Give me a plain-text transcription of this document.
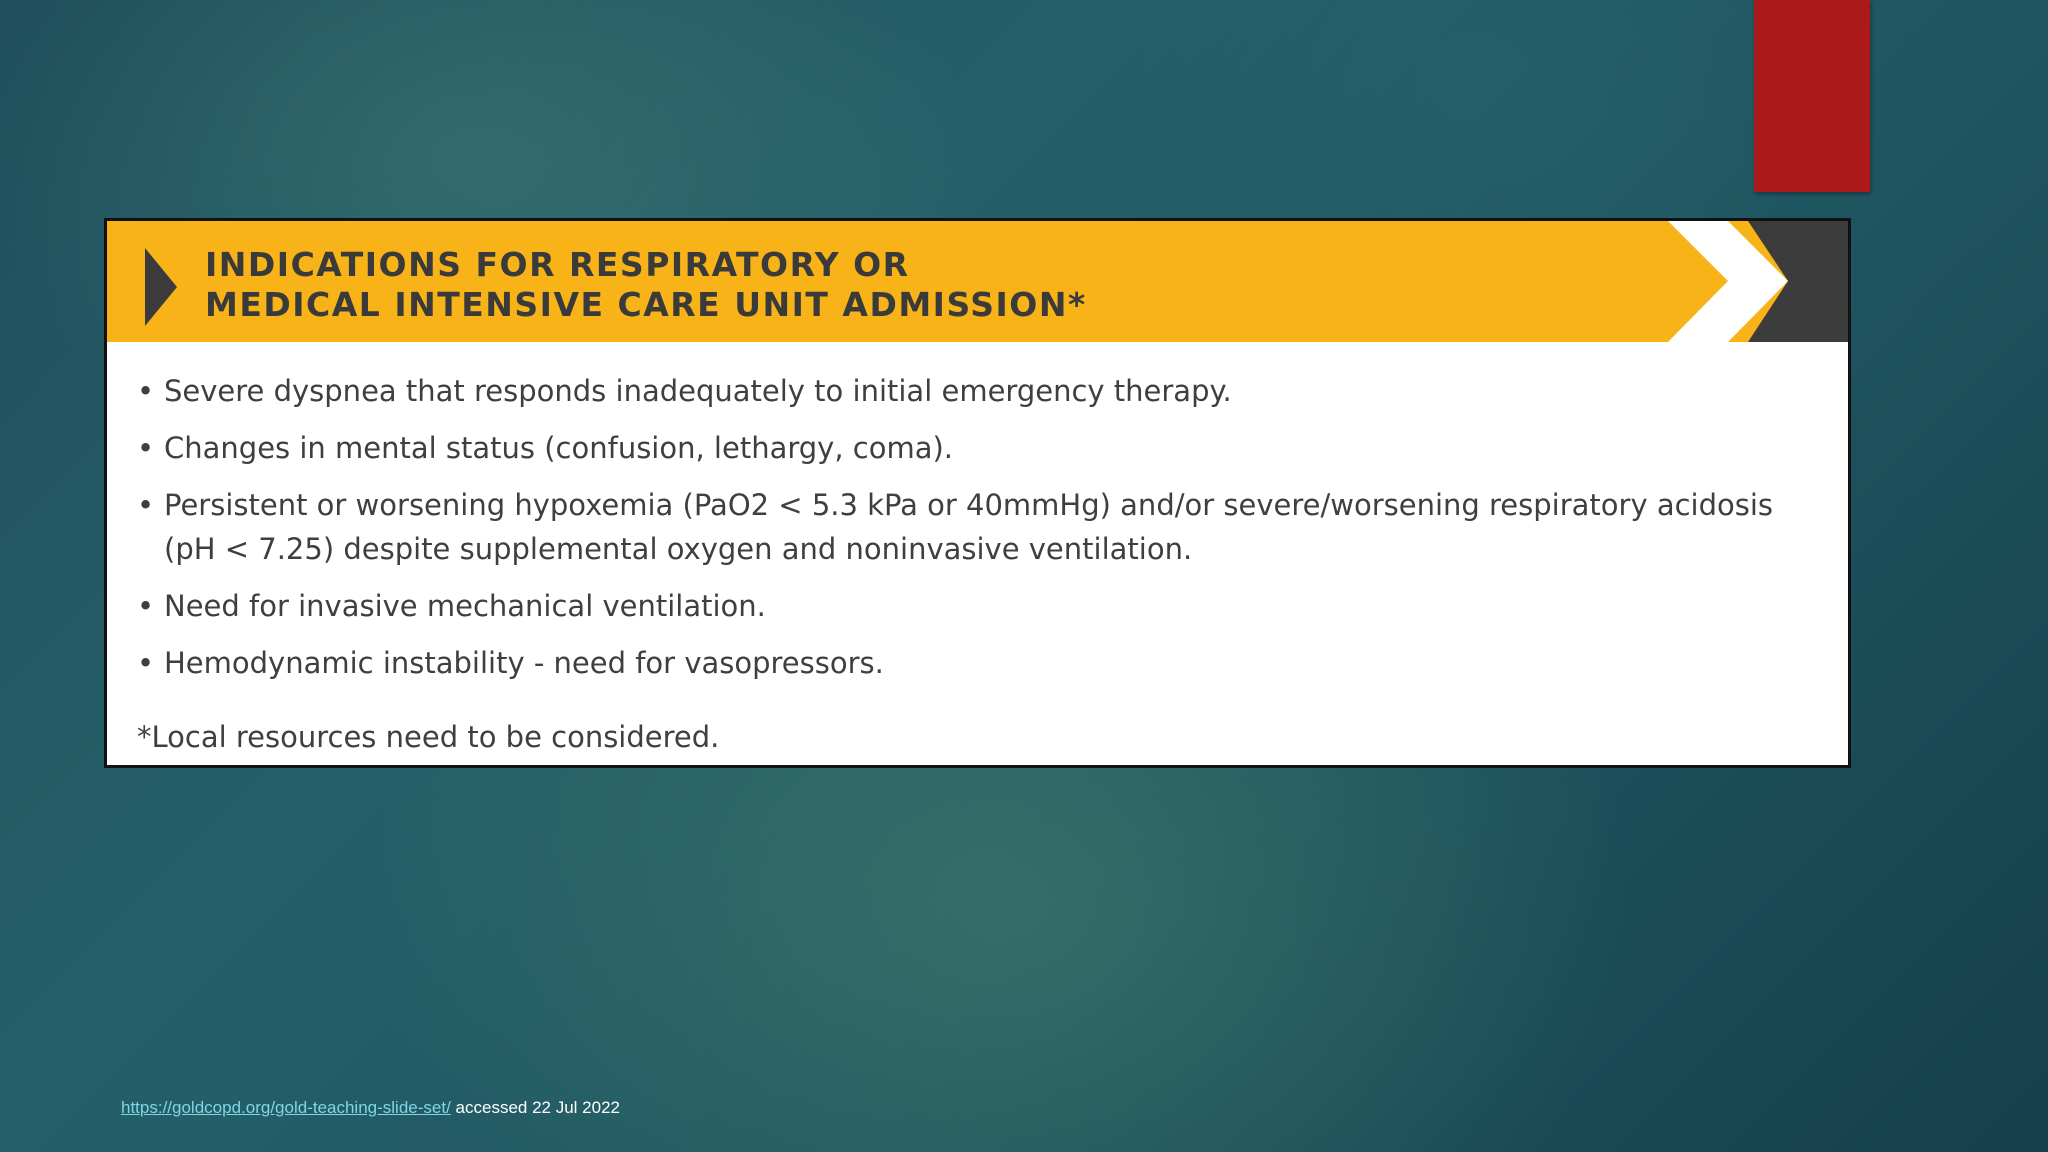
INDICATIONS FOR RESPIRATORY OR
MEDICAL INTENSIVE CARE UNIT ADMISSION*
• Severe dyspnea that responds inadequately to initial emergency therapy.
• Changes in mental status (confusion, lethargy, coma).
• Persistent or worsening hypoxemia (PaO2 < 5.3 kPa or 40mmHg) and/or severe/worsening respiratory acidosis (pH < 7.25) despite supplemental oxygen and noninvasive ventilation.
• Need for invasive mechanical ventilation.
• Hemodynamic instability - need for vasopressors.
*Local resources need to be considered.
https://goldcopd.org/gold-teaching-slide-set/ accessed 22 Jul 2022
